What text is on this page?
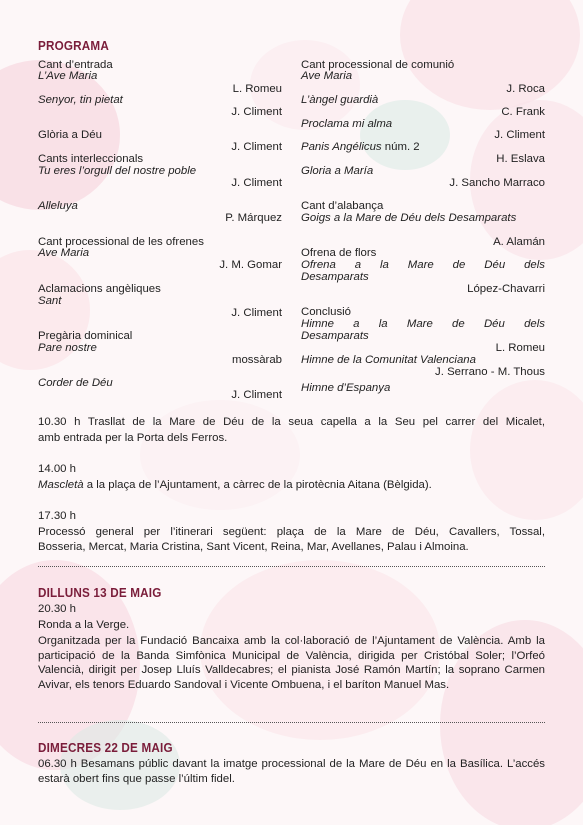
PROGRAMA
Cant d’entrada
L’Ave Maria
L. Romeu
Senyor, tin pietat
J. Climent
Glòria a Déu
J. Climent
Cants interleccionals
Tu eres l’orgull del nostre poble
J. Climent
Alleluya
P. Márquez
Cant processional de les ofrenes
Ave Maria
J. M. Gomar
Aclamacions angèliques
Sant
J. Climent
Pregària dominical
Pare nostre
mossàrab
Corder de Déu
J. Climent
Cant processional de comunió
Ave Maria
J. Roca
L’àngel guardià
C. Frank
Proclama mi alma
J. Climent
Panis Angélicus núm. 2
H. Eslava
Gloria a María
J. Sancho Marraco
Cant d’alabança
Goigs a la Mare de Déu dels Desamparats
A. Alamán
Ofrena de flors
Ofrena a la Mare de Déu dels
Desamparats
López-Chavarri
Conclusió
Himne a la Mare de Déu dels
Desamparats
L. Romeu
Himne de la Comunitat Valenciana
J. Serrano - M. Thous
Himne d’Espanya
10.30 h Trasllat de la Mare de Déu de la seua capella a la Seu pel carrer del Micalet,
amb entrada per la Porta dels Ferros.
14.00 h
Mascletà a la plaça de l’Ajuntament, a càrrec de la pirotècnia Aitana (Bèlgida).
17.30 h
Processó general per l’itinerari següent: plaça de la Mare de Déu, Cavallers, Tossal,
Bosseria, Mercat, Maria Cristina, Sant Vicent, Reina, Mar, Avellanes, Palau i Almoina.
DILLUNS 13 DE MAIG
20.30 h
Ronda a la Verge.
Organitzada per la Fundació Bancaixa amb la col·laboració de l’Ajuntament de València. Amb la participació de la Banda Simfònica Municipal de València, dirigida per Cristóbal Soler; l’Orfeó Valencià, dirigit per Josep Lluís Valldecabres; el pianista José Ramón Martín; la soprano Carmen Avivar, els tenors Eduardo Sandoval i Vicente Ombuena, i el baríton Manuel Mas.
DIMECRES 22 DE MAIG
06.30 h Besamans públic davant la imatge processional de la Mare de Déu en la Basílica. L’accés estarà obert fins que passe l’últim fidel.
